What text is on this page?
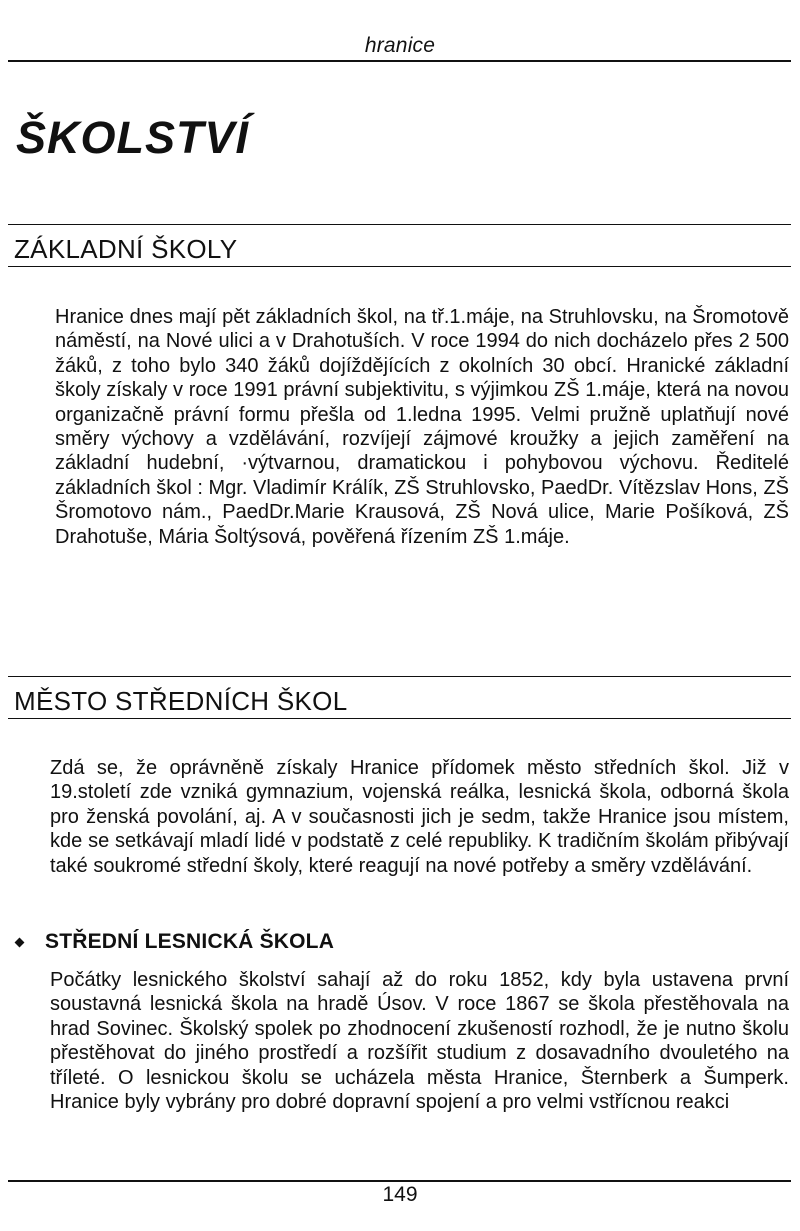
hranice
ŠKOLSTVÍ
ZÁKLADNÍ ŠKOLY

Hranice dnes mají pět základních škol, na tř.1.máje, na Struhlovsku, na Šromotově náměstí, na Nové ulici a v Drahotuších. V roce 1994 do nich docházelo přes 2 500 žáků, z toho bylo 340 žáků dojíždějících z okolních 30 obcí. Hranické základní školy získaly v roce 1991 právní subjektivitu, s výjimkou ZŠ 1.máje, která na novou organizačně právní formu přešla od 1.ledna 1995. Velmi pružně uplatňují nové směry výchovy a vzdělávání, rozvíjejí zájmové kroužky a jejich zaměření na základní hudební, ·výtvarnou, dramatickou i pohybovou výchovu. Ředitelé základních škol : Mgr. Vladimír Králík, ZŠ Struhlovsko, PaedDr. Vítězslav Hons, ZŠ Šromotovo nám., PaedDr.Marie Krausová, ZŠ Nová ulice, Marie Pošíková, ZŠ Drahotuše, Mária Šoltýsová, pověřená řízením ZŠ 1.máje.

MĚSTO STŘEDNÍCH ŠKOL

Zdá se, že oprávněně získaly Hranice přídomek město středních škol. Již v 19.století zde vzniká gymnazium, vojenská reálka, lesnická škola, odborná škola pro ženská povolání, aj. A v současnosti jich je sedm, takže Hranice jsou místem, kde se setkávají mladí lidé v podstatě z celé republiky. K tradičním školám přibývají také soukromé střední školy, které reagují na nové potřeby a směry vzdělávání.

STŘEDNÍ LESNICKÁ ŠKOLA

Počátky lesnického školství sahají až do roku 1852, kdy byla ustavena první soustavná lesnická škola na hradě Úsov. V roce 1867 se škola přestěhovala na hrad Sovinec. Školský spolek po zhodnocení zkušeností rozhodl, že je nutno školu přestěhovat do jiného prostředí a rozšířit studium z dosavadního dvouletého na tříleté. O lesnickou školu se ucházela města Hranice, Šternberk a Šumperk. Hranice byly vybrány pro dobré dopravní spojení a pro velmi vstřícnou reakci

149
